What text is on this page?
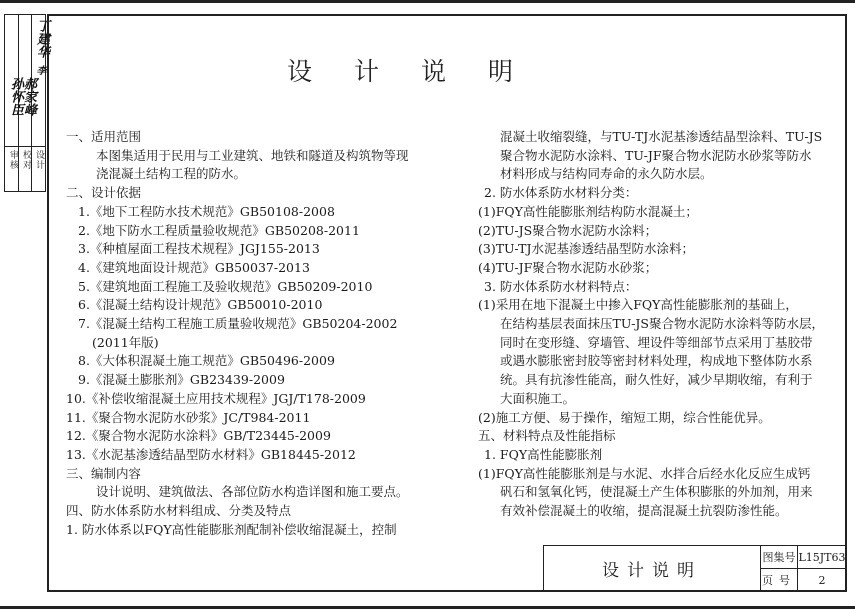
丁建华
李
郝家峰
孙怀臣
设计
校对
审核
设计说明
一、适用范围
本图集适用于民用与工业建筑、地铁和隧道及构筑物等现
浇混凝土结构工程的防水。
二、设计依据
1.《地下工程防水技术规范》GB50108-2008
2.《地下防水工程质量验收规范》GB50208-2011
3.《种植屋面工程技术规程》JGJ155-2013
4.《建筑地面设计规范》GB50037-2013
5.《建筑地面工程施工及验收规范》GB50209-2010
6.《混凝土结构设计规范》GB50010-2010
7.《混凝土结构工程施工质量验收规范》GB50204-2002
(2011年版)
8.《大体积混凝土施工规范》GB50496-2009
9.《混凝土膨胀剂》GB23439-2009
10.《补偿收缩混凝土应用技术规程》JGJ/T178-2009
11.《聚合物水泥防水砂浆》JC/T984-2011
12.《聚合物水泥防水涂料》GB/T23445-2009
13.《水泥基渗透结晶型防水材料》GB18445-2012
三、编制内容
设计说明、建筑做法、各部位防水构造详图和施工要点。
四、防水体系防水材料组成、分类及特点
1. 防水体系以FQY高性能膨胀剂配制补偿收缩混凝土，控制
混凝土收缩裂缝，与TU-TJ水泥基渗透结晶型涂料、TU-JS
聚合物水泥防水涂料、TU-JF聚合物水泥防水砂浆等防水
材料形成与结构同寿命的永久防水层。
2. 防水体系防水材料分类：
(1)FQY高性能膨胀剂结构防水混凝土；
(2)TU-JS聚合物水泥防水涂料；
(3)TU-TJ水泥基渗透结晶型防水涂料；
(4)TU-JF聚合物水泥防水砂浆；
3. 防水体系防水材料特点：
(1)采用在地下混凝土中掺入FQY高性能膨胀剂的基础上，
在结构基层表面抹压TU-JS聚合物水泥防水涂料等防水层，
同时在变形缝、穿墙管、埋设件等细部节点采用丁基胶带
或遇水膨胀密封胶等密封材料处理，构成地下整体防水系
统。具有抗渗性能高，耐久性好，减少早期收缩，有利于
大面积施工。
(2)施工方便、易于操作，缩短工期，综合性能优异。
五、材料特点及性能指标
1. FQY高性能膨胀剂
(1)FQY高性能膨胀剂是与水泥、水拌合后经水化反应生成钙
矾石和氢氧化钙，使混凝土产生体积膨胀的外加剂，用来
有效补偿混凝土的收缩，提高混凝土抗裂防渗性能。
设计说明
图集号 L15JT63
页号	2
